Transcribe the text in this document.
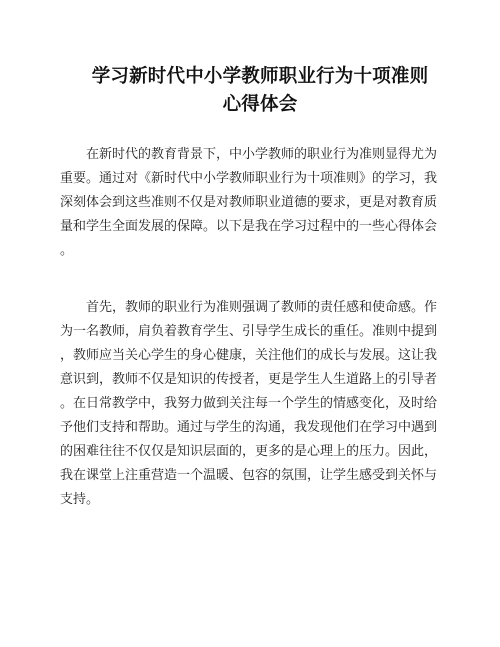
学习新时代中小学教师职业行为十项准则
心得体会
　　在新时代的教育背景下，中小学教师的职业行为准则显得尤为
重要。通过对《新时代中小学教师职业行为十项准则》的学习，我
深刻体会到这些准则不仅是对教师职业道德的要求，更是对教育质
量和学生全面发展的保障。以下是我在学习过程中的一些心得体会
。
　　首先，教师的职业行为准则强调了教师的责任感和使命感。作
为一名教师，肩负着教育学生、引导学生成长的重任。准则中提到
，教师应当关心学生的身心健康，关注他们的成长与发展。这让我
意识到，教师不仅是知识的传授者，更是学生人生道路上的引导者
。在日常教学中，我努力做到关注每一个学生的情感变化，及时给
予他们支持和帮助。通过与学生的沟通，我发现他们在学习中遇到
的困难往往不仅仅是知识层面的，更多的是心理上的压力。因此，
我在课堂上注重营造一个温暖、包容的氛围，让学生感受到关怀与
支持。
